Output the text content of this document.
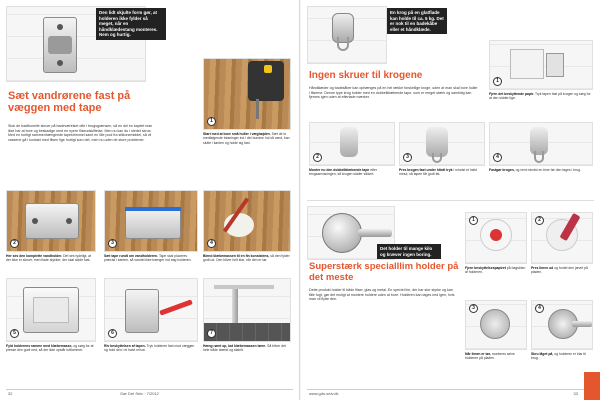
Den lidt skjulte form gør, at holderen ikke fylder så meget, når en håndklædestang monteres. Nem og hurtig.
Sæt vandrørene fast på væggen med tape
Stok de traditionelle skruer på badeværelset ofte i brugsgrænsen, så en del en kapitel man ikke har at bore og beskadige med en nyere fliseudskiftelse. Men nu kan du i stedet skrue. Med en hurtigt sammenhængende tapestrimmel samt en lille pool fra silikonemiddel, så vil vaskene gå i kontakt med flisen lige hurtigt som det, men nu uden de store problemer.
1
Start med at bore små huller i væghøjden. Sæt de to medfølgende bøsninger ind i det bundne hul så vand, kan slutte i kanten og holde sig fast.
2
Her ses den komplette vandholder. Det ses tydeligt, at der ikke er skruer, men flade stykker, der skal sidde fast.
3
Sæt tape rundt om vandholderen. Tape skal placeres præcist i kanten, så vandet ikke trænger ind bag holderen.
4
Blend klæbemassen til en fin konsistens, så den fylder godt ud. Den bliver helt klar, når den er tør.
5
Fyld holderens ramme med klæbemasse, og sørg for at presse den godt ned, så der ikke opstår luftlommer.
6
Riv beskyttelsen af tapen. Tryk holderen fast mod væggen og hold den i et halvt minut.
7
Hæng røret op, lad klæbemassen tørre. Så bliver det hele både stærkt og stabilt.
32	Gør Det Selv · 7/2012
En krog på en glatflade kan holde til ca. 5 kg. Det er nok til en badekåbe eller et håndklæde.
Ingen skruer til krogene
Håndklæder og badekåber kan ophænges på en hel række forskellige kroge, uden at man skal bore huller i fliserne. Denne type krog holder med en dobbeltklæbende tape, som er meget stærk og samtidig kan fjernes igen uden at efterlade mærker.
1
Fjern det beskyttende papir. Tryk tapen fast på krogen og sørg for at den sidder lige.
2
Monter nu den dobbeltklæbende tape efter brugsanvisningen, så krogen sidder sikkert.
3
Pres krogen fast under hårdt tryk i mindst et halvt minut, så tapen får godt fat.
4
Fastgør krogen, og vent mindst en time før den tages i brug.
Det holder til mange kilo og kræver ingen boring.
Superstærk specialllim holder på det meste
Dette produkt holder til både fliser, glas og metal. En speciel lim, der har stor styrke og kan tåle fugt, gør det muligt at montere holdere uden at bore. Holderen kan tages ned igen, hvis man vil flytte den.
1
Fjern beskyttelsespapiret på bagsiden af holderen.
2
Pres limen ud og fordel den jævnt på pladen.
3
Når limen er tør, monteres selve holderen på pladen.
4
Skru låget på, og holderen er klar til brug.
www.gds-selv.dk	33
